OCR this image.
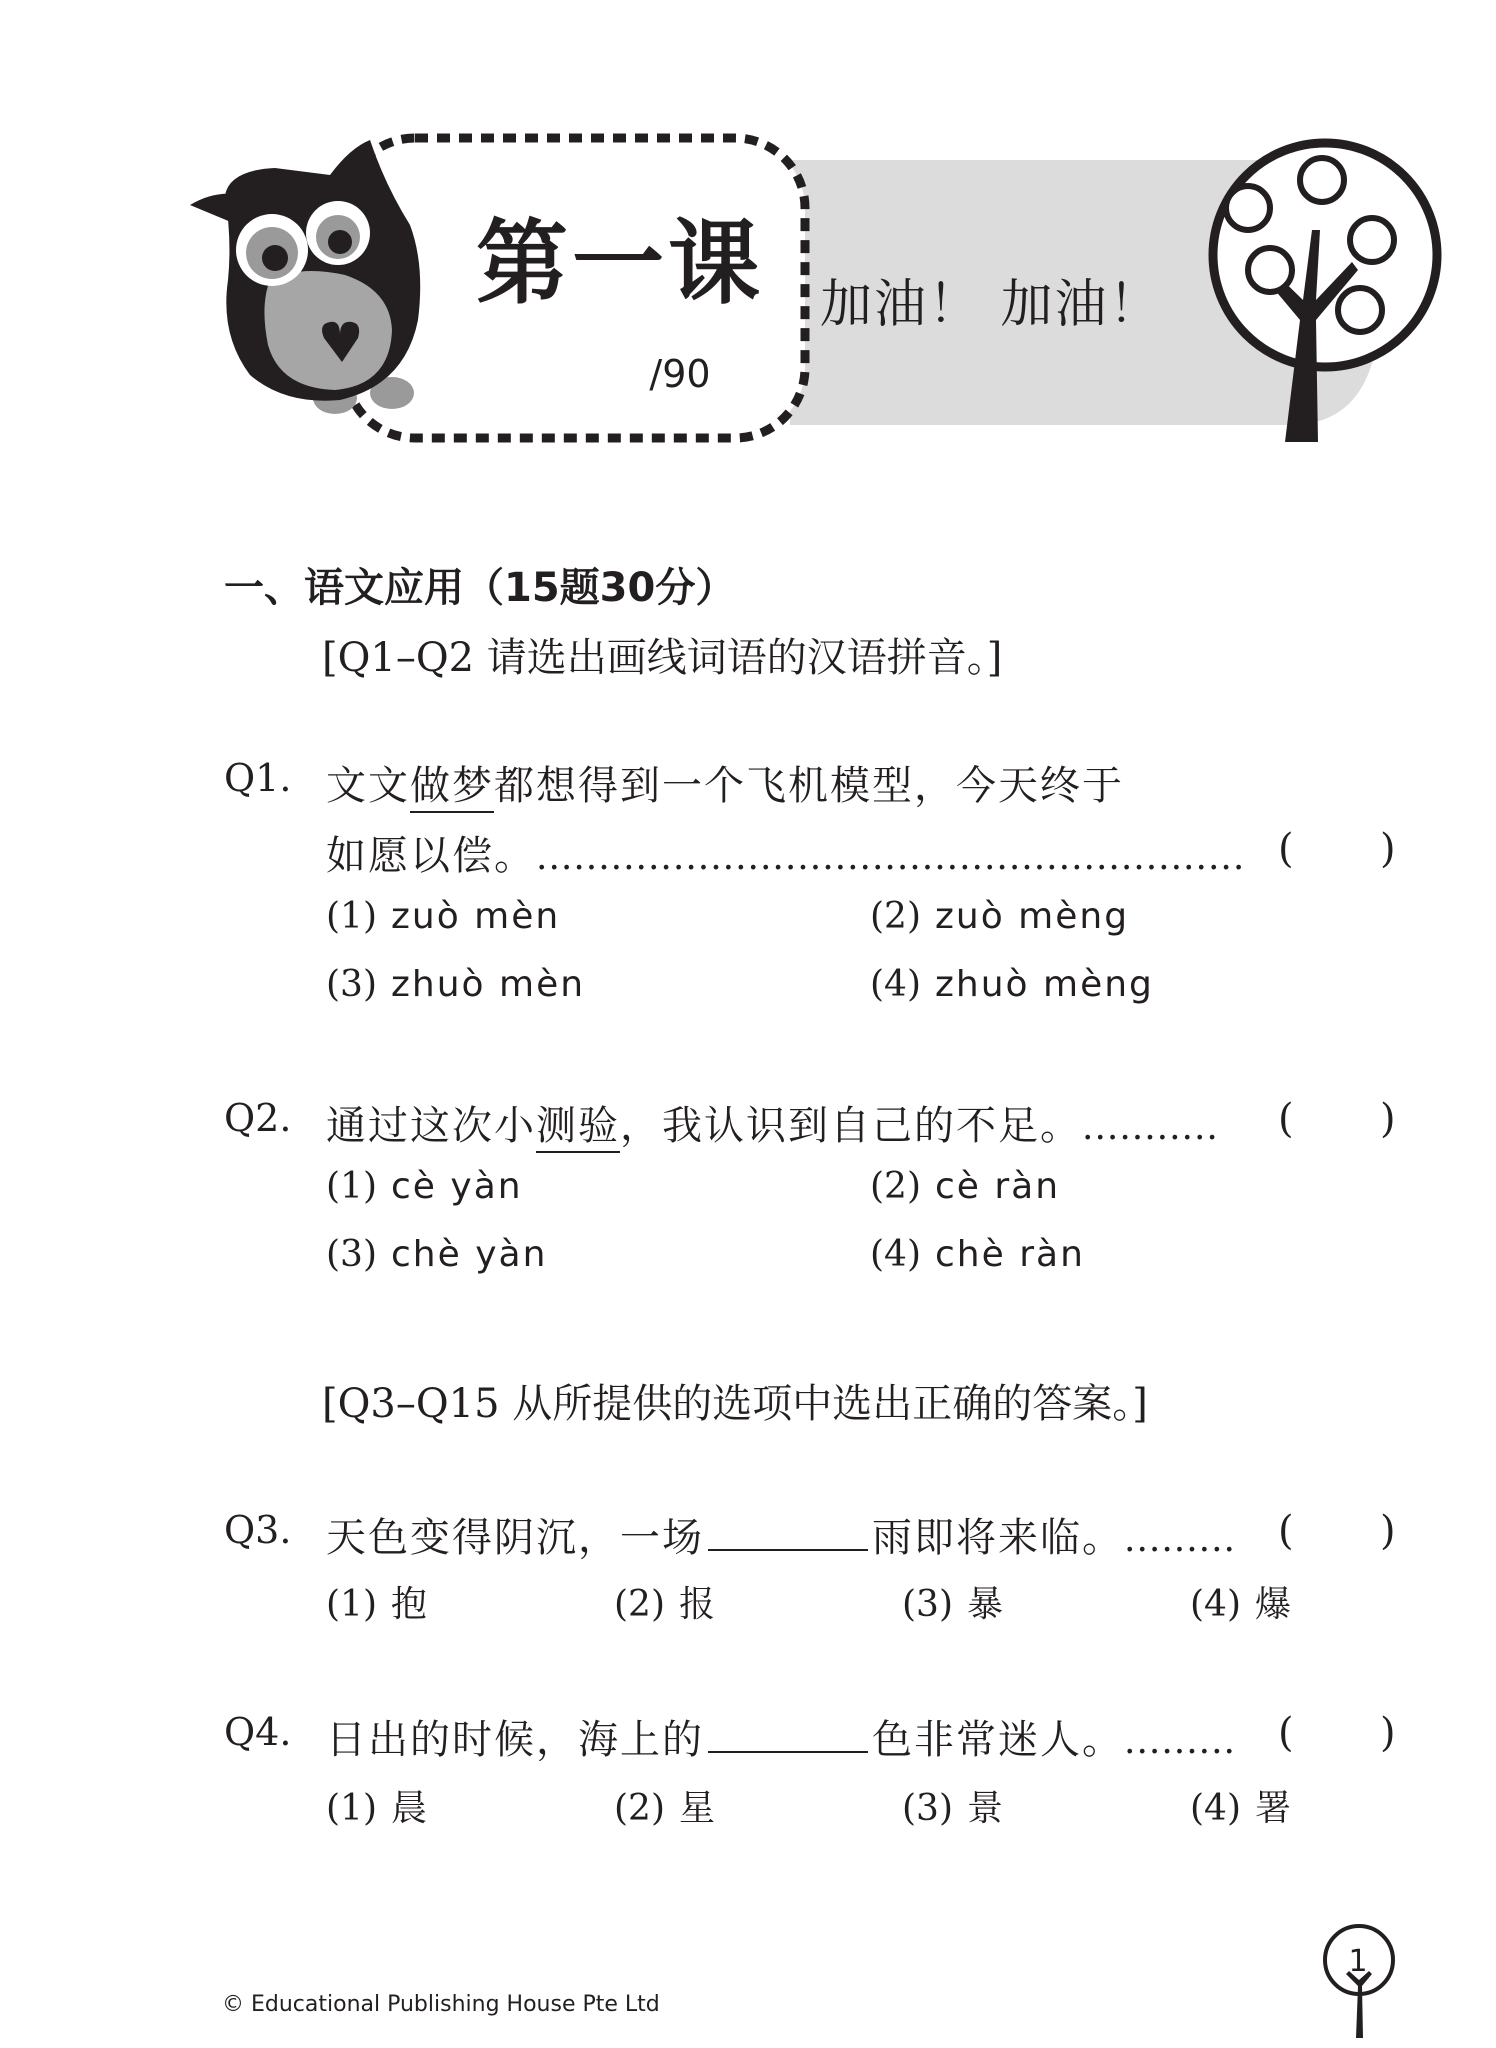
第一课
/90
加油！ 加油！
一、语文应用（15题30分）
[Q1–Q2 请选出画线词语的汉语拼音。]
Q1. 文文做梦都想得到一个飞机模型，今天终于
如愿以偿。......................................................... ( )
(1) zuò mèn	(2) zuò mèng
(3) zhuò mèn	(4) zhuò mèng
Q2. 通过这次小测验，我认识到自己的不足。........... ( )
(1) cè yàn	(2) cè ràn
(3) chè yàn	(4) chè ràn
[Q3–Q15 从所提供的选项中选出正确的答案。]
Q3. 天色变得阴沉，一场	雨即将来临。......... ( )
(1) 抱	(2) 报	(3) 暴	(4) 爆
Q4. 日出的时候，海上的	色非常迷人。......... ( )
(1) 晨	(2) 星	(3) 景	(4) 署
© Educational Publishing House Pte Ltd
1
